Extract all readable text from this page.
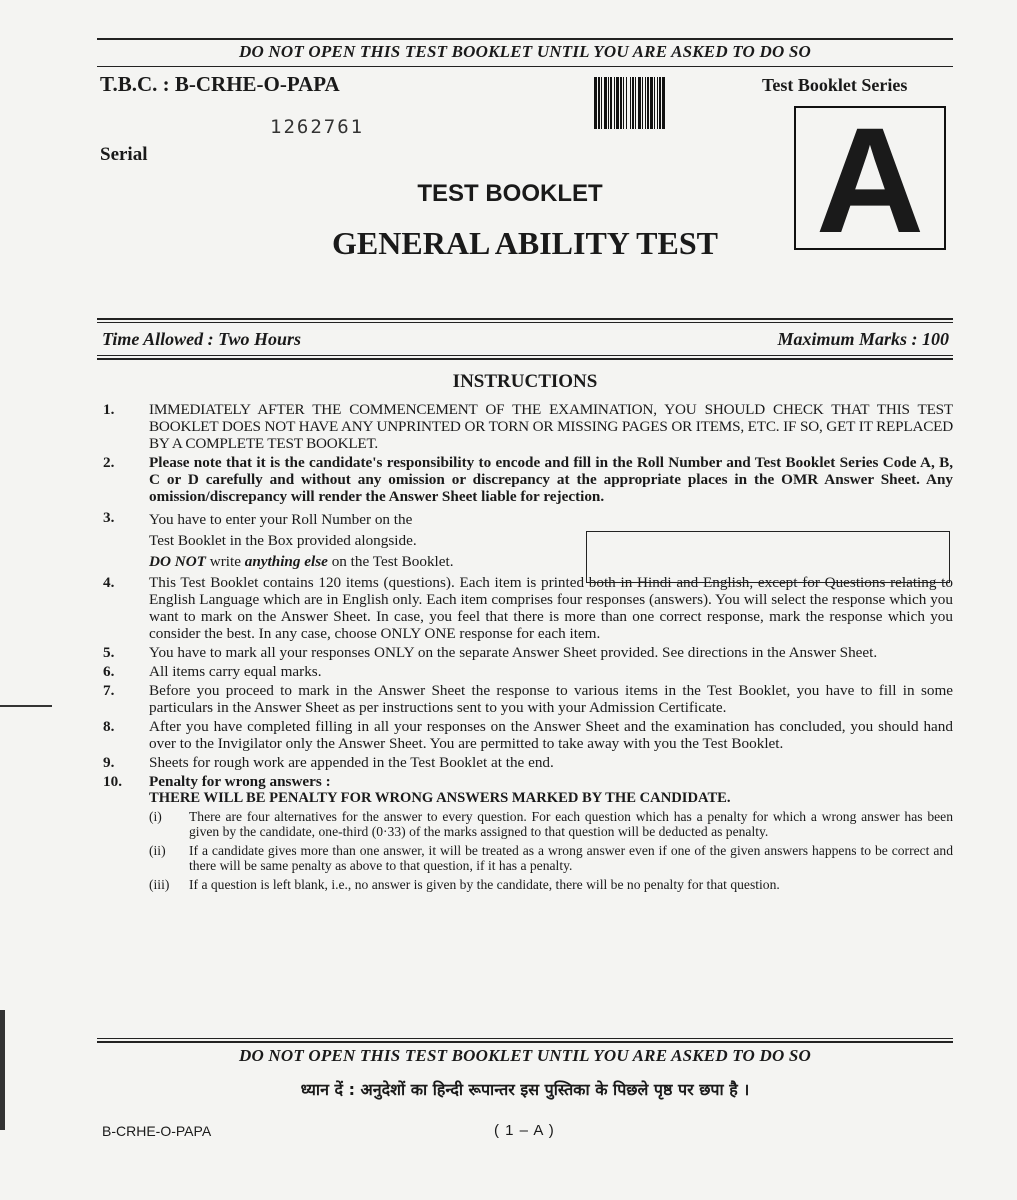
DO NOT OPEN THIS TEST BOOKLET UNTIL YOU ARE ASKED TO DO SO
T.B.C. : B-CRHE-O-PAPA
1262761
Serial
Test Booklet Series
A
TEST BOOKLET
GENERAL ABILITY TEST
Time Allowed : Two Hours	Maximum Marks : 100
INSTRUCTIONS
1. IMMEDIATELY AFTER THE COMMENCEMENT OF THE EXAMINATION, YOU SHOULD CHECK THAT THIS TEST BOOKLET DOES NOT HAVE ANY UNPRINTED OR TORN OR MISSING PAGES OR ITEMS, ETC. IF SO, GET IT REPLACED BY A COMPLETE TEST BOOKLET.
2. Please note that it is the candidate's responsibility to encode and fill in the Roll Number and Test Booklet Series Code A, B, C or D carefully and without any omission or discrepancy at the appropriate places in the OMR Answer Sheet. Any omission/discrepancy will render the Answer Sheet liable for rejection.
3. You have to enter your Roll Number on the
Test Booklet in the Box provided alongside.
DO NOT write anything else on the Test Booklet.
4. This Test Booklet contains 120 items (questions). Each item is printed both in Hindi and English, except for Questions relating to English Language which are in English only. Each item comprises four responses (answers). You will select the response which you want to mark on the Answer Sheet. In case, you feel that there is more than one correct response, mark the response which you consider the best. In any case, choose ONLY ONE response for each item.
5. You have to mark all your responses ONLY on the separate Answer Sheet provided. See directions in the Answer Sheet.
6. All items carry equal marks.
7. Before you proceed to mark in the Answer Sheet the response to various items in the Test Booklet, you have to fill in some particulars in the Answer Sheet as per instructions sent to you with your Admission Certificate.
8. After you have completed filling in all your responses on the Answer Sheet and the examination has concluded, you should hand over to the Invigilator only the Answer Sheet. You are permitted to take away with you the Test Booklet.
9. Sheets for rough work are appended in the Test Booklet at the end.
10. Penalty for wrong answers :
THERE WILL BE PENALTY FOR WRONG ANSWERS MARKED BY THE CANDIDATE.
(i) There are four alternatives for the answer to every question. For each question which has a penalty for which a wrong answer has been given by the candidate, one-third (0·33) of the marks assigned to that question will be deducted as penalty.
(ii) If a candidate gives more than one answer, it will be treated as a wrong answer even if one of the given answers happens to be correct and there will be same penalty as above to that question, if it has a penalty.
(iii) If a question is left blank, i.e., no answer is given by the candidate, there will be no penalty for that question.
DO NOT OPEN THIS TEST BOOKLET UNTIL YOU ARE ASKED TO DO SO
ध्यान दें : अनुदेशों का हिन्दी रूपान्तर इस पुस्तिका के पिछले पृष्ठ पर छपा है ।
B-CRHE-O-PAPA	( 1 – A )
